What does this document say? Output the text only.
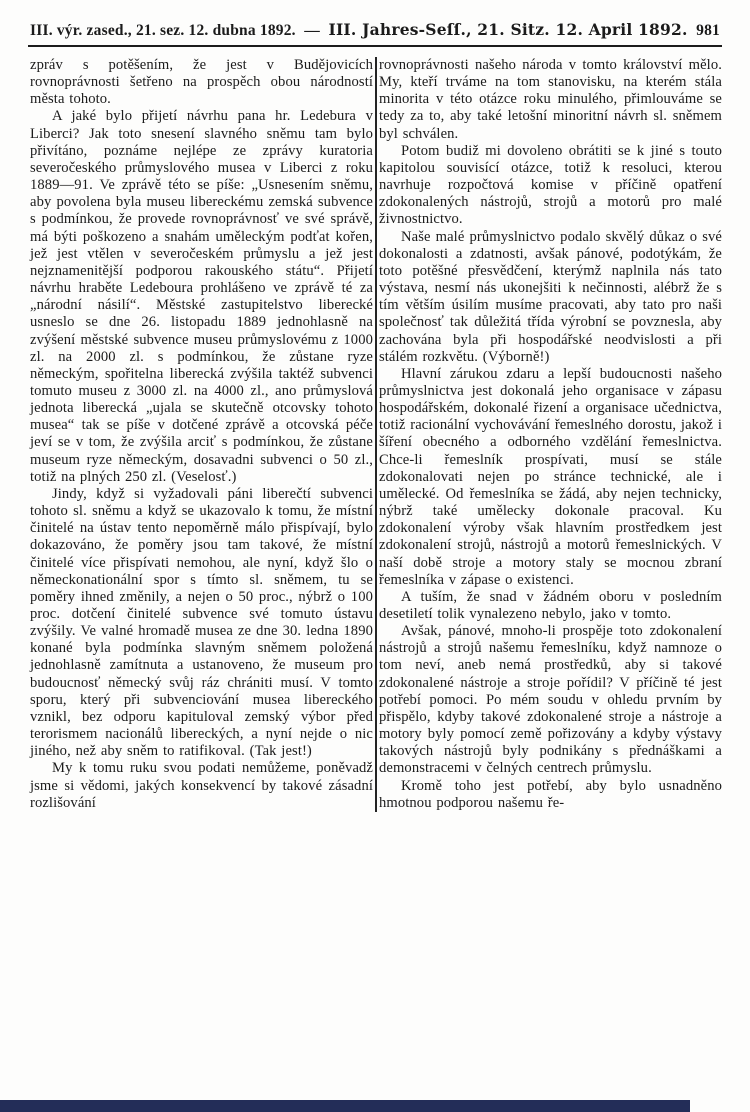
III. výr. zased., 21. sez. 12. dubna 1892. — III. Jahres-Seſſ., 21. Sitz. 12. April 1892. 981

zpráv s potěšením, že jest v Budějovicích rovnoprávnosti šetřeno na prospěch obou národností města tohoto.

A jaké bylo přijetí návrhu pana hr. Ledebura v Liberci? Jak toto snesení slavného sněmu tam bylo přivítáno, poznáme nejlépe ze zprávy kuratoria severočeského průmyslového musea v Liberci z roku 1889—91. Ve zprávě této se píše: „Usnesením sněmu, aby povolena byla museu libereckému zemská subvence s podmínkou, že provede rovnoprávnosť ve své správě, má býti poškozeno a snahám uměleckým podťat kořen, jež jest vtělen v severočeském průmyslu a jež jest nejznamenitější podporou rakouského státu“. Přijetí návrhu hraběte Ledeboura prohlášeno ve zprávě té za „národní násilí“. Městské zastupitelstvo liberecké usneslo se dne 26. listopadu 1889 jednohlasně na zvýšení městské subvence museu průmyslovému z 1000 zl. na 2000 zl. s podmínkou, že zůstane ryze německým, spořitelna liberecká zvýšila taktéž subvenci tomuto museu z 3000 zl. na 4000 zl., ano průmyslová jednota liberecká „ujala se skutečně otcovsky tohoto musea“ tak se píše v dotčené zprávě a otcovská péče jeví se v tom, že zvýšila arciť s podmínkou, že zůstane museum ryze německým, dosavadni subvenci o 50 zl., totiž na plných 250 zl. (Veselosť.)

Jindy, když si vyžadovali páni liberečtí subvenci tohoto sl. sněmu a když se ukazovalo k tomu, že místní činitelé na ústav tento nepoměrně málo přispívají, bylo dokazováno, že poměry jsou tam takové, že místní činitelé více přispívati nemohou, ale nyní, když šlo o německonationální spor s tímto sl. sněmem, tu se poměry ihned změnily, a nejen o 50 proc., nýbrž o 100 proc. dotčení činitelé subvence své tomuto ústavu zvýšily. Ve valné hromadě musea ze dne 30. ledna 1890 konané byla podmínka slavným sněmem položená jednohlasně zamítnuta a ustanoveno, že museum pro budoucnosť německý svůj ráz chrániti musí. V tomto sporu, který při subvenciování musea libereckého vznikl, bez odporu kapituloval zemský výbor před terorismem nacionálů libereckých, a nyní nejde o nic jiného, než aby sněm to ratifikoval. (Tak jest!)

My k tomu ruku svou podati nemůžeme, poněvadž jsme si vědomi, jakých konsekvencí by takové zásadní rozlišování

rovnoprávnosti našeho národa v tomto království mělo. My, kteří trváme na tom stanovisku, na kterém stála minorita v této otázce roku minulého, přimlouváme se tedy za to, aby také letošní minoritní návrh sl. sněmem byl schválen.

Potom budiž mi dovoleno obrátiti se k jiné s touto kapitolou souvisící otázce, totiž k resoluci, kterou navrhuje rozpočtová komise v příčině opatření zdokonalených nástrojů, strojů a motorů pro malé živnostnictvo.

Naše malé průmyslnictvo podalo skvělý důkaz o své dokonalosti a zdatnosti, avšak pánové, podotýkám, že toto potěšné přesvědčení, kterýmž naplnila nás tato výstava, nesmí nás ukonejšiti k nečinnosti, alébrž že s tím větším úsilím musíme pracovati, aby tato pro naši společnosť tak důležitá třída výrobní se povznesla, aby zachována byla při hospodářské neodvislosti a při stálém rozkvětu. (Výborně!)

Hlavní zárukou zdaru a lepší budoucnosti našeho průmyslnictva jest dokonalá jeho organisace v zápasu hospodářském, dokonalé řizení a organisace učednictva, totiž racionální vychovávání řemeslného dorostu, jakož i šíření obecného a odborného vzdělání řemeslnictva. Chce-li řemeslník prospívati, musí se stále zdokonalovati nejen po stránce technické, ale i umělecké. Od řemeslníka se žádá, aby nejen technicky, nýbrž také umělecky dokonale pracoval. Ku zdokonalení výroby však hlavním prostředkem jest zdokonalení strojů, nástrojů a motorů řemeslnických. V naší době stroje a motory staly se mocnou zbraní řemeslníka v zápase o existenci.

A tuším, že snad v žádném oboru v posledním desetiletí tolik vynalezeno nebylo, jako v tomto.

Avšak, pánové, mnoho-li prospěje toto zdokonalení nástrojů a strojů našemu řemeslníku, když namnoze o tom neví, aneb nemá prostředků, aby si takové zdokonalené nástroje a stroje pořídil? V příčině té jest potřebí pomoci. Po mém soudu v ohledu prvním by přispělo, kdyby takové zdokonalené stroje a nástroje a motory byly pomocí země pořizovány a kdyby výstavy takových nástrojů byly podnikány s přednáškami a demonstracemi v čelných centrech průmyslu.

Kromě toho jest potřebí, aby bylo usnadněno hmotnou podporou našemu ře-
